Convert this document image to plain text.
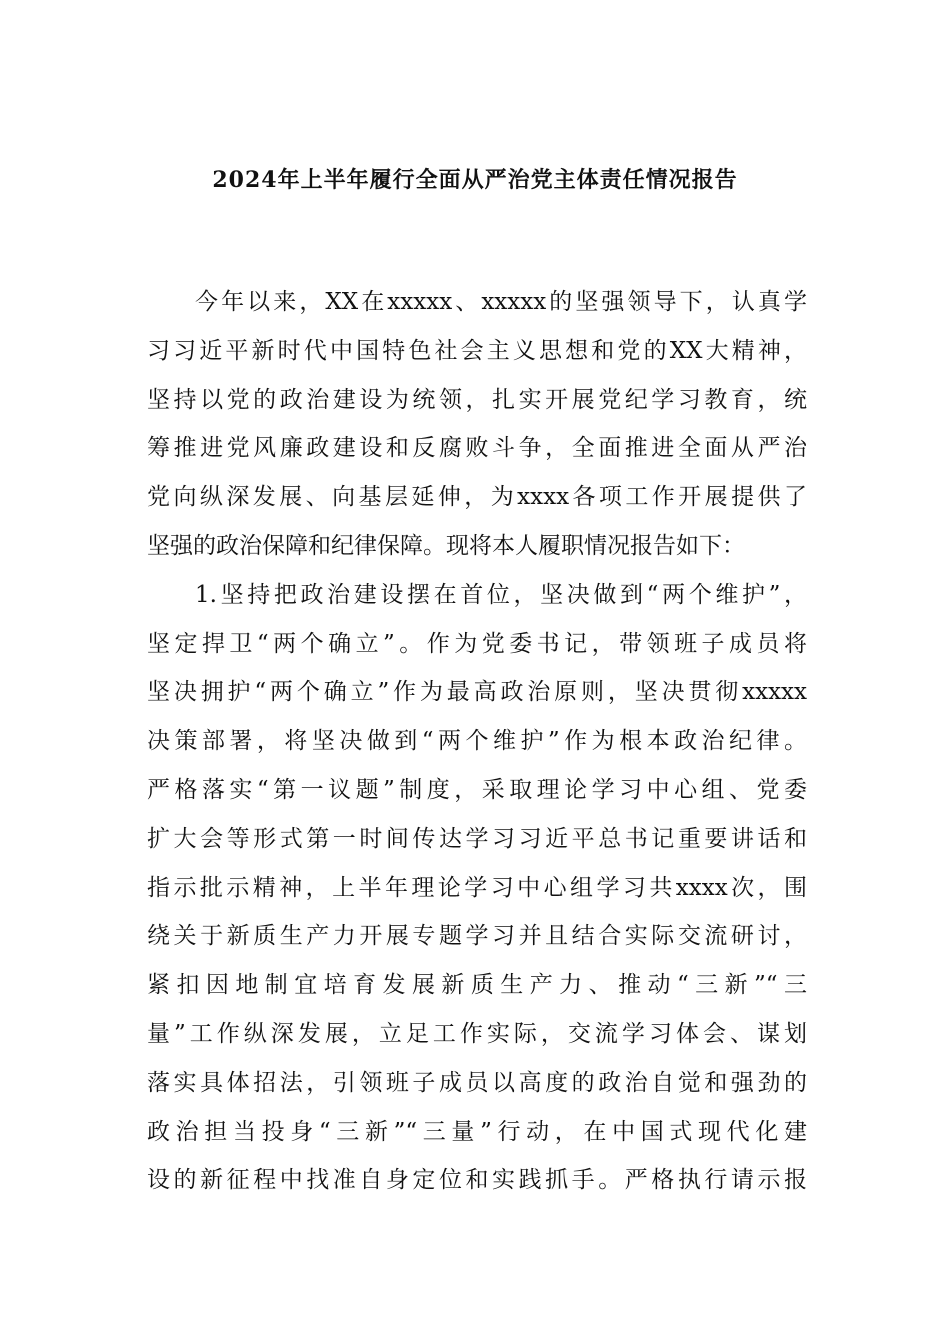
2024年上半年履行全面从严治党主体责任情况报告
今年以来，XX在xxxxx、xxxxx的坚强领导下，认真学
习习近平新时代中国特色社会主义思想和党的XX大精神，
坚持以党的政治建设为统领，扎实开展党纪学习教育，统
筹推进党风廉政建设和反腐败斗争，全面推进全面从严治
党向纵深发展、向基层延伸，为xxxx各项工作开展提供了
坚强的政治保障和纪律保障。现将本人履职情况报告如下：
1.坚持把政治建设摆在首位，坚决做到“两个维护”，
坚定捍卫“两个确立”。作为党委书记，带领班子成员将
坚决拥护“两个确立”作为最高政治原则，坚决贯彻xxxxx
决策部署，将坚决做到“两个维护”作为根本政治纪律。
严格落实“第一议题”制度，采取理论学习中心组、党委
扩大会等形式第一时间传达学习习近平总书记重要讲话和
指示批示精神，上半年理论学习中心组学习共xxxx次，围
绕关于新质生产力开展专题学习并且结合实际交流研讨，
紧扣因地制宜培育发展新质生产力、推动“三新”“三
量”工作纵深发展，立足工作实际，交流学习体会、谋划
落实具体招法，引领班子成员以高度的政治自觉和强劲的
政治担当投身“三新”“三量”行动，在中国式现代化建
设的新征程中找准自身定位和实践抓手。严格执行请示报
